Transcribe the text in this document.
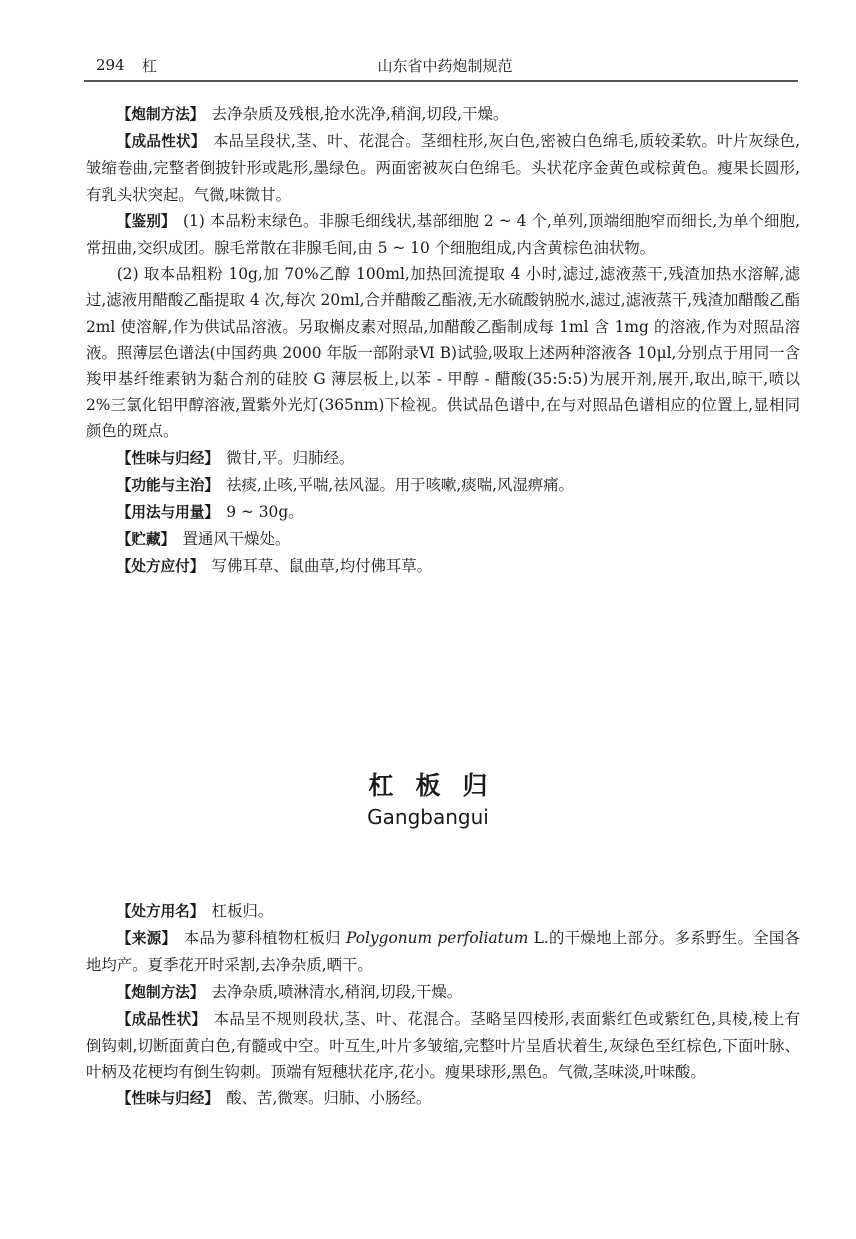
294 杠	山东省中药炮制规范

【炮制方法】 去净杂质及残根,抢水洗净,稍润,切段,干燥。

【成品性状】 本品呈段状,茎、叶、花混合。茎细柱形,灰白色,密被白色绵毛,质较柔软。叶片灰绿色,皱缩卷曲,完整者倒披针形或匙形,墨绿色。两面密被灰白色绵毛。头状花序金黄色或棕黄色。瘦果长圆形,有乳头状突起。气微,味微甘。

【鉴别】 (1) 本品粉末绿色。非腺毛细线状,基部细胞 2 ~ 4 个,单列,顶端细胞窄而细长,为单个细胞,常扭曲,交织成团。腺毛常散在非腺毛间,由 5 ~ 10 个细胞组成,内含黄棕色油状物。

(2) 取本品粗粉 10g,加 70%乙醇 100ml,加热回流提取 4 小时,滤过,滤液蒸干,残渣加热水溶解,滤过,滤液用醋酸乙酯提取 4 次,每次 20ml,合并醋酸乙酯液,无水硫酸钠脱水,滤过,滤液蒸干,残渣加醋酸乙酯 2ml 使溶解,作为供试品溶液。另取槲皮素对照品,加醋酸乙酯制成每 1ml 含 1mg 的溶液,作为对照品溶液。照薄层色谱法(中国药典 2000 年版一部附录Ⅵ B)试验,吸取上述两种溶液各 10μl,分别点于用同一含羧甲基纤维素钠为黏合剂的硅胶 G 薄层板上,以苯 - 甲醇 - 醋酸(35:5:5)为展开剂,展开,取出,晾干,喷以 2%三氯化铝甲醇溶液,置紫外光灯(365nm)下检视。供试品色谱中,在与对照品色谱相应的位置上,显相同颜色的斑点。

【性味与归经】 微甘,平。归肺经。

【功能与主治】 祛痰,止咳,平喘,祛风湿。用于咳嗽,痰喘,风湿痹痛。

【用法与用量】 9 ~ 30g。

【贮藏】 置通风干燥处。

【处方应付】 写佛耳草、鼠曲草,均付佛耳草。

杠板归
Gangbangui

【处方用名】 杠板归。

【来源】 本品为蓼科植物杠板归 Polygonum perfoliatum L.的干燥地上部分。多系野生。全国各地均产。夏季花开时采割,去净杂质,晒干。

【炮制方法】 去净杂质,喷淋清水,稍润,切段,干燥。

【成品性状】 本品呈不规则段状,茎、叶、花混合。茎略呈四棱形,表面紫红色或紫红色,具棱,棱上有倒钩刺,切断面黄白色,有髓或中空。叶互生,叶片多皱缩,完整叶片呈盾状着生,灰绿色至红棕色,下面叶脉、叶柄及花梗均有倒生钩刺。顶端有短穗状花序,花小。瘦果球形,黑色。气微,茎味淡,叶味酸。

【性味与归经】 酸、苦,微寒。归肺、小肠经。
